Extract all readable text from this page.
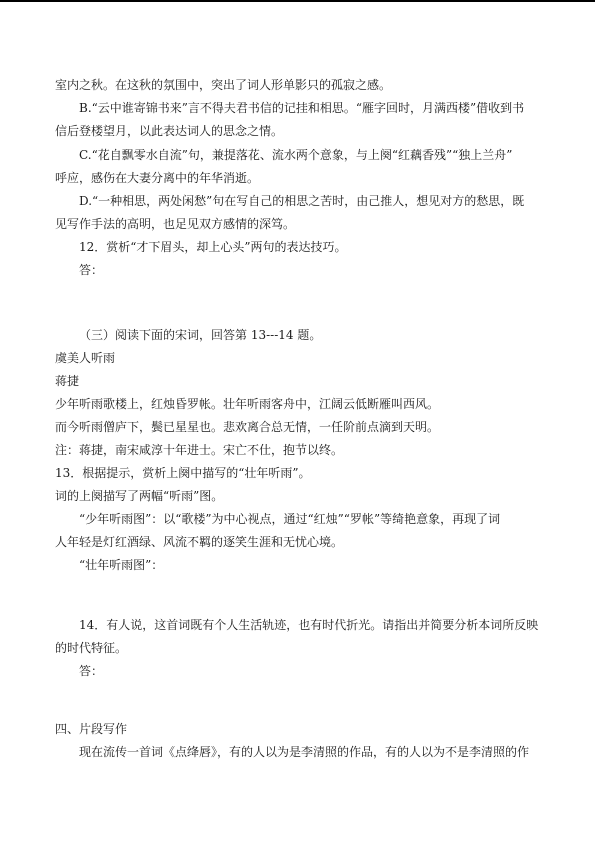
室内之秋。在这秋的氛围中，突出了词人形单影只的孤寂之感。
B.“云中谁寄锦书来”言不得夫君书信的记挂和相思。“雁字回时，月满西楼”借收到书
信后登楼望月，以此表达词人的思念之情。
C.“花自飘零水自流”句，兼提落花、流水两个意象，与上阕“红藕香残”“独上兰舟”
呼应，感伤在大妻分离中的年华消逝。
D.“一种相思，两处闲愁”句在写自己的相思之苦时，由己推人，想见对方的愁思，既
见写作手法的高明，也足见双方感情的深笃。
12．赏析“才下眉头，却上心头”两句的表达技巧。
答：
（三）阅读下面的宋词，回答第 13---14 题。
虞美人听雨
蒋捷
少年听雨歌楼上，红烛昏罗帐。壮年听雨客舟中，江阔云低断雁叫西风。
而今听雨僧庐下，鬓已星星也。悲欢离合总无情，一任阶前点滴到天明。
注：蒋捷，南宋咸淳十年进士。宋亡不仕，抱节以终。
13．根据提示，赏析上阕中描写的“壮年听雨”。
词的上阕描写了两幅“听雨”图。
“少年听雨图”：以“歌楼”为中心视点，通过“红烛”“罗帐”等绮艳意象，再现了词
人年轻是灯红酒绿、风流不羁的逐笑生涯和无忧心境。
“壮年听雨图”：
14．有人说，这首词既有个人生活轨迹，也有时代折光。请指出并简要分析本词所反映
的时代特征。
答：
四、片段写作
现在流传一首词《点绛唇》，有的人以为是李清照的作品，有的人以为不是李清照的作
